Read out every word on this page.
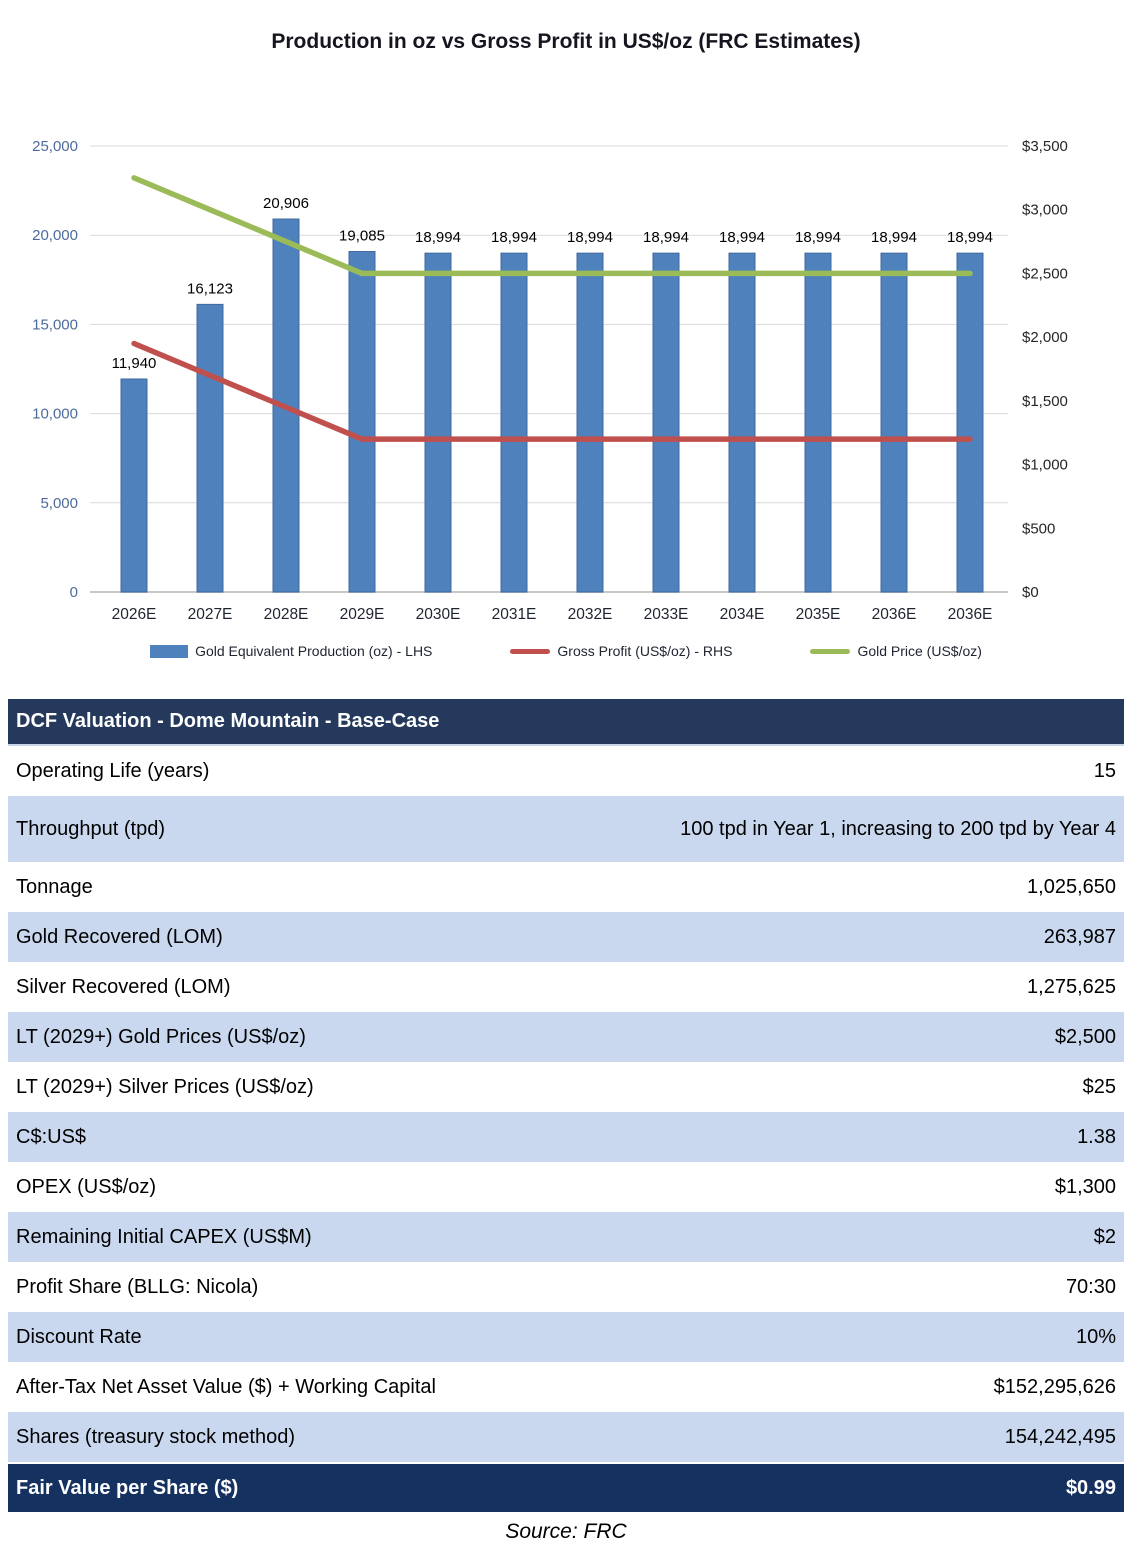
Production in oz vs Gross Profit in US$/oz (FRC Estimates)
0
5,000
10,000
15,000
20,000
25,000
$0
$500
$1,000
$1,500
$2,000
$2,500
$3,000
$3,500
11,940
16,123
20,906
19,085 18,994 18,994 18,994 18,994 18,994 18,994 18,994 18,994
2026E 2027E 2028E 2029E 2030E 2031E 2032E 2033E 2034E 2035E 2036E 2036E
Gold Equivalent Production (oz) - LHS	Gross Profit (US$/oz) - RHS	Gold Price (US$/oz)
DCF Valuation - Dome Mountain - Base-Case
Operating Life (years)	15
Throughput (tpd)	100 tpd in Year 1, increasing to 200 tpd by Year 4
Tonnage	1,025,650
Gold Recovered (LOM)	263,987
Silver Recovered (LOM)	1,275,625
LT (2029+) Gold Prices (US$/oz)	$2,500
LT (2029+) Silver Prices (US$/oz)	$25
C$:US$	1.38
OPEX (US$/oz)	$1,300
Remaining Initial CAPEX (US$M)	$2
Profit Share (BLLG: Nicola)	70:30
Discount Rate	10%
After-Tax Net Asset Value ($) + Working Capital	$152,295,626
Shares (treasury stock method)	154,242,495
Fair Value per Share ($)	$0.99
Source: FRC
